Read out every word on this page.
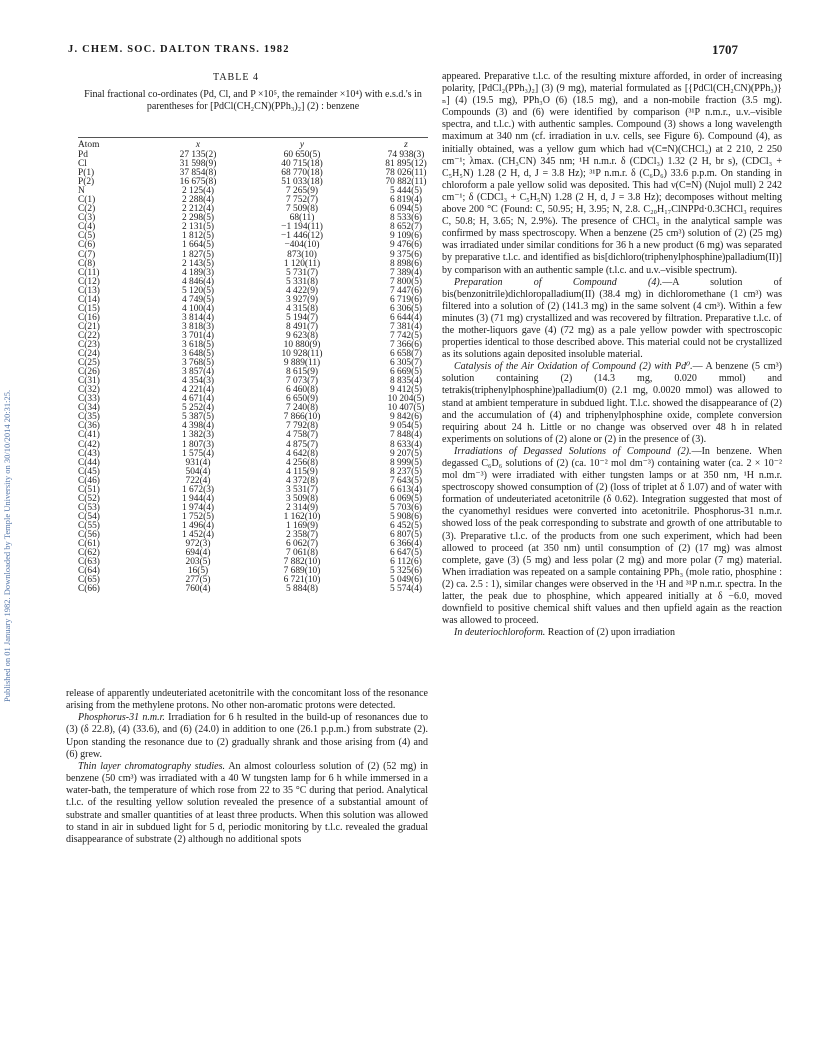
J. CHEM. SOC. DALTON TRANS. 1982	1707
Published on 01 January 1982. Downloaded by Temple University on 30/10/2014 20:31:25.
TABLE 4
Final fractional co-ordinates (Pd, Cl, and P ×10⁵, the remainder ×10⁴) with e.s.d.'s in parentheses for [PdCl(CH₂CN)(PPh₃)₂] (2) : benzene
Atom	x	y	z
Pd	27 135(2)	60 650(5)	74 938(3)
Cl	31 598(9)	40 715(18)	81 895(12)
P(1)	37 854(8)	68 770(18)	78 026(11)
P(2)	16 675(8)	51 033(18)	70 882(11)
N	2 125(4)	7 265(9)	5 444(5)
C(1)	2 288(4)	7 752(7)	6 819(4)
C(2)	2 212(4)	7 509(8)	6 094(5)
C(3)	2 298(5)	68(11)	8 533(6)
C(4)	2 131(5)	−1 194(11)	8 652(7)
C(5)	1 812(5)	−1 446(12)	9 109(6)
C(6)	1 664(5)	−404(10)	9 476(6)
C(7)	1 827(5)	873(10)	9 375(6)
C(8)	2 143(5)	1 120(11)	8 898(6)
C(11)	4 189(3)	5 731(7)	7 389(4)
C(12)	4 846(4)	5 331(8)	7 800(5)
C(13)	5 120(5)	4 422(9)	7 447(6)
C(14)	4 749(5)	3 927(9)	6 719(6)
C(15)	4 100(4)	4 315(8)	6 306(5)
C(16)	3 814(4)	5 194(7)	6 644(4)
C(21)	3 818(3)	8 491(7)	7 381(4)
C(22)	3 701(4)	9 623(8)	7 742(5)
C(23)	3 618(5)	10 880(9)	7 366(6)
C(24)	3 648(5)	10 928(11)	6 658(7)
C(25)	3 768(5)	9 889(11)	6 305(7)
C(26)	3 857(4)	8 615(9)	6 669(5)
C(31)	4 354(3)	7 073(7)	8 835(4)
C(32)	4 221(4)	6 460(8)	9 412(5)
C(33)	4 671(4)	6 650(9)	10 204(5)
C(34)	5 252(4)	7 240(8)	10 407(5)
C(35)	5 387(5)	7 866(10)	9 842(6)
C(36)	4 398(4)	7 792(8)	9 054(5)
C(41)	1 382(3)	4 758(7)	7 848(4)
C(42)	1 807(3)	4 875(7)	8 633(4)
C(43)	1 575(4)	4 642(8)	9 207(5)
C(44)	931(4)	4 256(8)	8 999(5)
C(45)	504(4)	4 115(9)	8 237(5)
C(46)	722(4)	4 372(8)	7 643(5)
C(51)	1 672(3)	3 531(7)	6 613(4)
C(52)	1 944(4)	3 509(8)	6 069(5)
C(53)	1 974(4)	2 314(9)	5 703(6)
C(54)	1 752(5)	1 162(10)	5 908(6)
C(55)	1 496(4)	1 169(9)	6 452(5)
C(56)	1 452(4)	2 358(7)	6 807(5)
C(61)	972(3)	6 062(7)	6 366(4)
C(62)	694(4)	7 061(8)	6 647(5)
C(63)	203(5)	7 882(10)	6 112(6)
C(64)	16(5)	7 689(10)	5 325(6)
C(65)	277(5)	6 721(10)	5 049(6)
C(66)	760(4)	5 884(8)	5 574(4)

release of apparently undeuteriated acetonitrile with the concomitant loss of the resonance arising from the methylene protons. No other non-aromatic protons were detected.

Phosphorus-31 n.m.r. Irradiation for 6 h resulted in the build-up of resonances due to (3) (δ 22.8), (4) (33.6), and (6) (24.0) in addition to one (26.1 p.p.m.) from substrate (2). Upon standing the resonance due to (2) gradually shrank and those arising from (4) and (6) grew.

Thin layer chromatography studies. An almost colourless solution of (2) (52 mg) in benzene (50 cm³) was irradiated with a 40 W tungsten lamp for 6 h while immersed in a water-bath, the temperature of which rose from 22 to 35 °C during that period. Analytical t.l.c. of the resulting yellow solution revealed the presence of a substantial amount of substrate and smaller quantities of at least three products. When this solution was allowed to stand in air in subdued light for 5 d, periodic monitoring by t.l.c. revealed the gradual disappearance of substrate (2) although no additional spots

appeared. Preparative t.l.c. of the resulting mixture afforded, in order of increasing polarity, [PdCl₂(PPh₃)₂] (3) (9 mg), material formulated as [{PdCl(CH₂CN)(PPh₃)}ₙ] (4) (19.5 mg), PPh₃O (6) (18.5 mg), and a non-mobile fraction (3.5 mg). Compounds (3) and (6) were identified by comparison (³¹P n.m.r., u.v.–visible spectra, and t.l.c.) with authentic samples. Compound (3) shows a long wavelength maximum at 340 nm (cf. irradiation in u.v. cells, see Figure 6). Compound (4), as initially obtained, was a yellow gum which had ν(C≡N)(CHCl₃) at 2 210, 2 250 cm⁻¹; λmax. (CH₃CN) 345 nm; ¹H n.m.r. δ (CDCl₃) 1.32 (2 H, br s), (CDCl₃ + C₅H₅N) 1.28 (2 H, d, J = 3.8 Hz); ³¹P n.m.r. δ (C₆D₆) 33.6 p.p.m. On standing in chloroform a pale yellow solid was deposited. This had ν(C≡N) (Nujol mull) 2 242 cm⁻¹; δ (CDCl₃ + C₅H₅N) 1.28 (2 H, d, J = 3.8 Hz); decomposes without melting above 200 °C (Found: C, 50.95; H, 3.95; N, 2.8. C₂₀H₁₇ClNPPd·0.3CHCl₃ requires C, 50.8; H, 3.65; N, 2.9%). The presence of CHCl₃ in the analytical sample was confirmed by mass spectroscopy. When a benzene (25 cm³) solution of (2) (25 mg) was irradiated under similar conditions for 36 h a new product (6 mg) was separated by preparative t.l.c. and identified as bis[dichloro(triphenylphosphine)palladium(II)] by comparison with an authentic sample (t.l.c. and u.v.–visible spectrum).

Preparation of Compound (4).—A solution of bis(benzonitrile)dichloropalladium(II) (38.4 mg) in dichloromethane (1 cm³) was filtered into a solution of (2) (141.3 mg) in the same solvent (4 cm³). Within a few minutes (3) (71 mg) crystallized and was recovered by filtration. Preparative t.l.c. of the mother-liquors gave (4) (72 mg) as a pale yellow powder with spectroscopic properties identical to those described above. This material could not be crystallized as its solutions again deposited insoluble material.

Catalysis of the Air Oxidation of Compound (2) with Pd⁰.— A benzene (5 cm³) solution containing (2) (14.3 mg, 0.020 mmol) and tetrakis(triphenylphosphine)palladium(0) (2.1 mg, 0.0020 mmol) was allowed to stand at ambient temperature in subdued light. T.l.c. showed the disappearance of (2) and the accumulation of (4) and triphenylphosphine oxide, complete conversion requiring about 24 h. Little or no change was observed over 48 h in related experiments on solutions of (2) alone or (2) in the presence of (3).

Irradiations of Degassed Solutions of Compound (2).—In benzene. When degassed C₆D₆ solutions of (2) (ca. 10⁻² mol dm⁻³) containing water (ca. 2 × 10⁻² mol dm⁻³) were irradiated with either tungsten lamps or at 350 nm, ¹H n.m.r. spectroscopy showed consumption of (2) (loss of triplet at δ 1.07) and of water with formation of undeuteriated acetonitrile (δ 0.62). Integration suggested that most of the cyanomethyl residues were converted into acetonitrile. Phosphorus-31 n.m.r. showed loss of the peak corresponding to substrate and growth of one attributable to (3). Preparative t.l.c. of the products from one such experiment, which had been allowed to proceed (at 350 nm) until consumption of (2) (17 mg) was almost complete, gave (3) (5 mg) and less polar (2 mg) and more polar (7 mg) material. When irradiation was repeated on a sample containing PPh₃ (mole ratio, phosphine : (2) ca. 2.5 : 1), similar changes were observed in the ¹H and ³¹P n.m.r. spectra. In the latter, the peak due to phosphine, which appeared initially at δ −6.0, moved downfield to positive chemical shift values and then upfield again as the reaction was allowed to proceed.

In deuteriochloroform. Reaction of (2) upon irradiation
